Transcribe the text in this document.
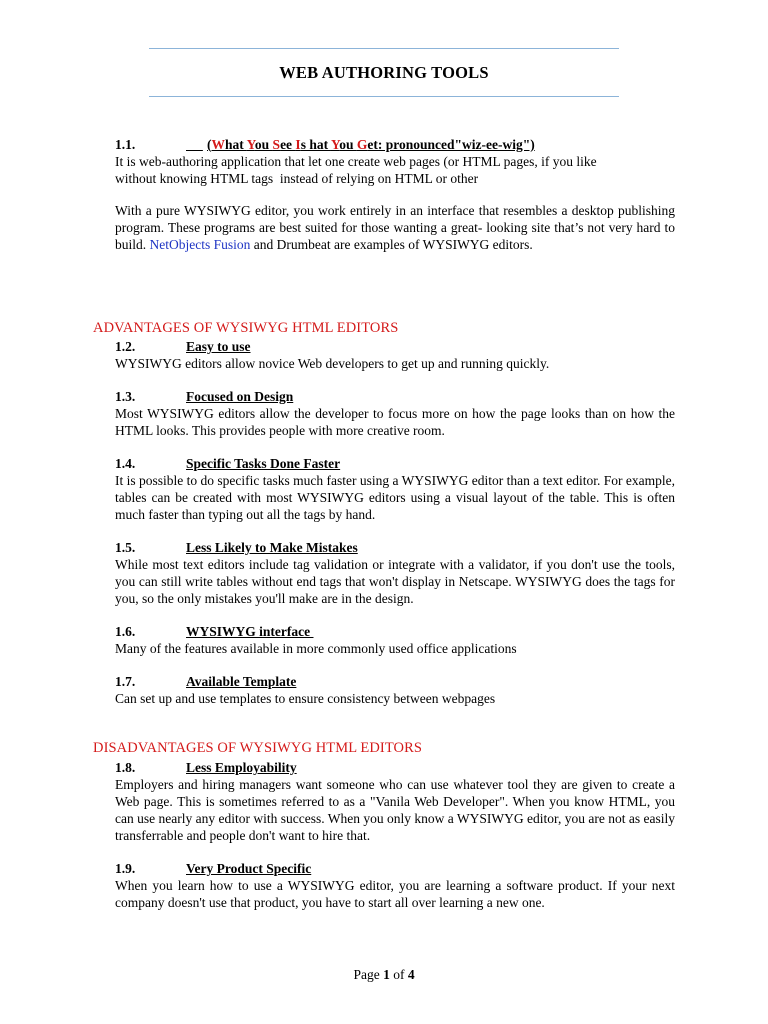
WEB AUTHORING TOOLS
1.1.	(What You See Is hat You Get: pronounced"wiz-ee-wig")
It is web-authoring application that let one create web pages (or HTML pages, if you like
without knowing HTML tags  instead of relying on HTML or other
With a pure WYSIWYG editor, you work entirely in an interface that resembles a desktop publishing program. These programs are best suited for those wanting a great- looking site that’s not very hard to build. NetObjects Fusion and Drumbeat are examples of WYSIWYG editors.
ADVANTAGES OF WYSIWYG HTML EDITORS
1.2.	Easy to use
WYSIWYG editors allow novice Web developers to get up and running quickly.
1.3.	Focused on Design
Most WYSIWYG editors allow the developer to focus more on how the page looks than on how the HTML looks. This provides people with more creative room.
1.4.	Specific Tasks Done Faster
It is possible to do specific tasks much faster using a WYSIWYG editor than a text editor. For example, tables can be created with most WYSIWYG editors using a visual layout of the table. This is often much faster than typing out all the tags by hand.
1.5.	Less Likely to Make Mistakes
While most text editors include tag validation or integrate with a validator, if you don't use the tools, you can still write tables without end tags that won't display in Netscape. WYSIWYG does the tags for you, so the only mistakes you'll make are in the design.
1.6.	WYSIWYG interface
Many of the features available in more commonly used office applications
1.7.	Available Template
Can set up and use templates to ensure consistency between webpages
DISADVANTAGES OF WYSIWYG HTML EDITORS
1.8.	Less Employability
Employers and hiring managers want someone who can use whatever tool they are given to create a Web page. This is sometimes referred to as a "Vanila Web Developer". When you know HTML, you can use nearly any editor with success. When you only know a WYSIWYG editor, you are not as easily transferrable and people don't want to hire that.
1.9.	Very Product Specific
When you learn how to use a WYSIWYG editor, you are learning a software product. If your next company doesn't use that product, you have to start all over learning a new one.
Page 1 of 4
